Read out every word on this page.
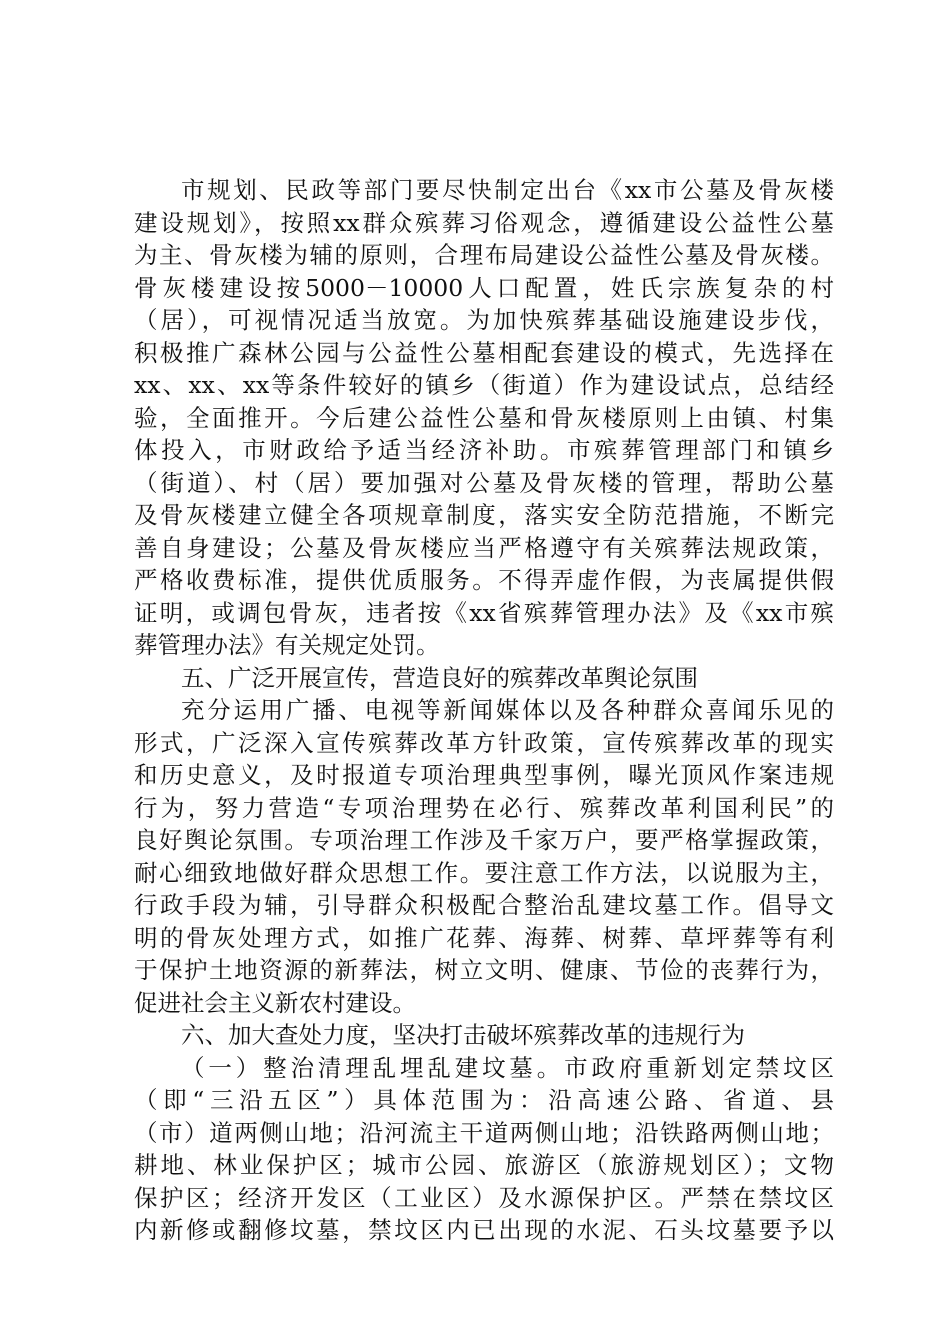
市规划、民政等部门要尽快制定出台《xx市公墓及骨灰楼
建设规划》，按照xx群众殡葬习俗观念，遵循建设公益性公墓
为主、骨灰楼为辅的原则，合理布局建设公益性公墓及骨灰楼。
骨灰楼建设按5000－10000人口配置，姓氏宗族复杂的村
（居），可视情况适当放宽。为加快殡葬基础设施建设步伐，
积极推广森林公园与公益性公墓相配套建设的模式，先选择在
xx、xx、xx等条件较好的镇乡（街道）作为建设试点，总结经
验，全面推开。今后建公益性公墓和骨灰楼原则上由镇、村集
体投入，市财政给予适当经济补助。市殡葬管理部门和镇乡
（街道）、村（居）要加强对公墓及骨灰楼的管理，帮助公墓
及骨灰楼建立健全各项规章制度，落实安全防范措施，不断完
善自身建设；公墓及骨灰楼应当严格遵守有关殡葬法规政策，
严格收费标准，提供优质服务。不得弄虚作假，为丧属提供假
证明，或调包骨灰，违者按《xx省殡葬管理办法》及《xx市殡
葬管理办法》有关规定处罚。
五、广泛开展宣传，营造良好的殡葬改革舆论氛围
充分运用广播、电视等新闻媒体以及各种群众喜闻乐见的
形式，广泛深入宣传殡葬改革方针政策，宣传殡葬改革的现实
和历史意义，及时报道专项治理典型事例，曝光顶风作案违规
行为，努力营造“专项治理势在必行、殡葬改革利国利民”的
良好舆论氛围。专项治理工作涉及千家万户，要严格掌握政策，
耐心细致地做好群众思想工作。要注意工作方法，以说服为主，
行政手段为辅，引导群众积极配合整治乱建坟墓工作。倡导文
明的骨灰处理方式，如推广花葬、海葬、树葬、草坪葬等有利
于保护土地资源的新葬法，树立文明、健康、节俭的丧葬行为，
促进社会主义新农村建设。
六、加大查处力度，坚决打击破坏殡葬改革的违规行为
（一）整治清理乱埋乱建坟墓。市政府重新划定禁坟区
（即“三沿五区”）具体范围为：沿高速公路、省道、县
（市）道两侧山地；沿河流主干道两侧山地；沿铁路两侧山地；
耕地、林业保护区；城市公园、旅游区（旅游规划区）；文物
保护区；经济开发区（工业区）及水源保护区。严禁在禁坟区
内新修或翻修坟墓，禁坟区内已出现的水泥、石头坟墓要予以
